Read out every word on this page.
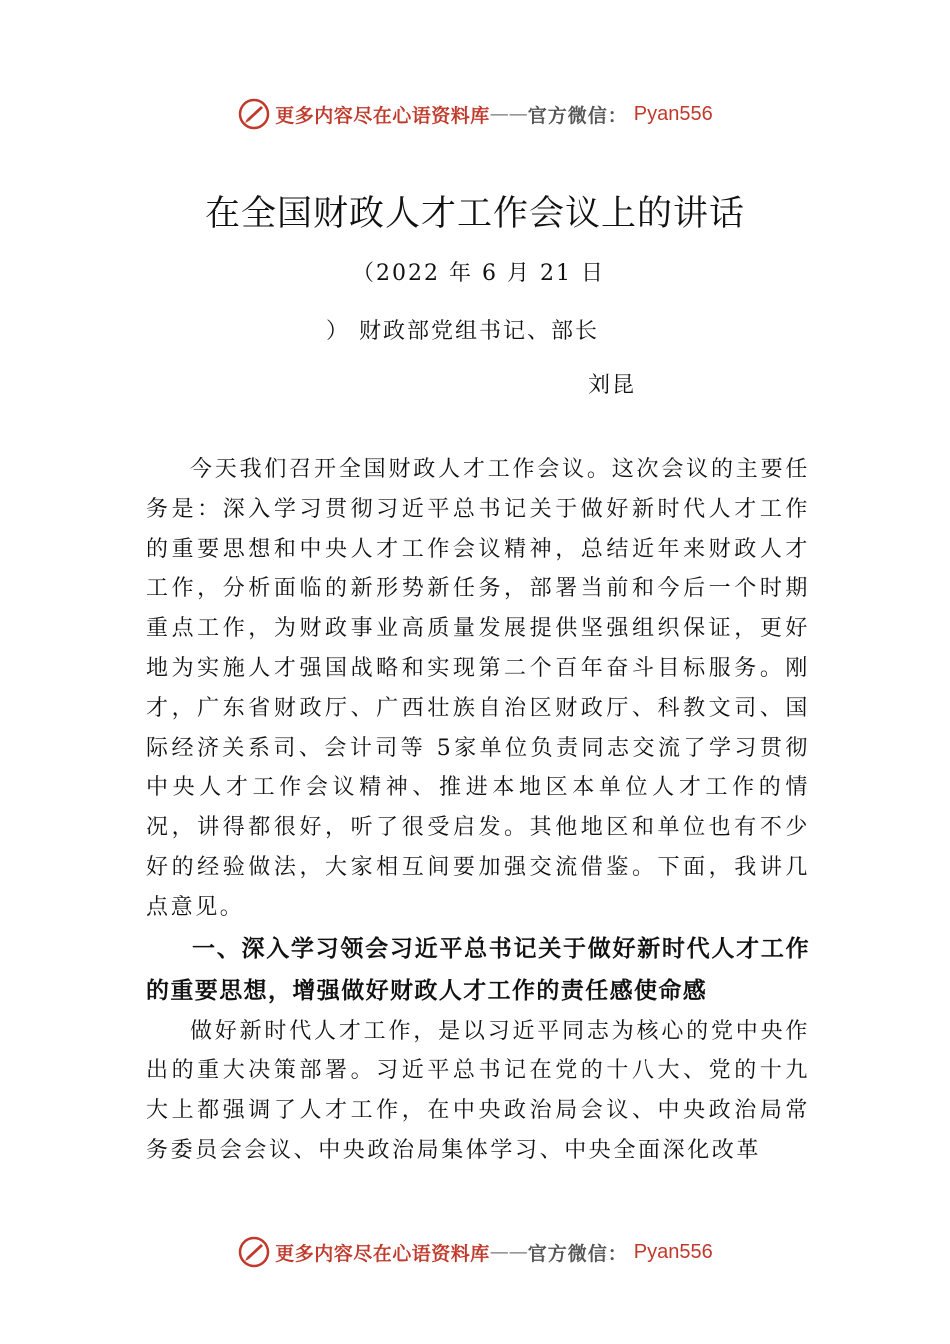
更多内容尽在心语资料库 —— 官方微信： Pyan556
在全国财政人才工作会议上的讲话
（2022 年 6 月 21 日
） 财政部党组书记、部长
刘昆

今天我们召开全国财政人才工作会议。这次会议的主要任务是：深入学习贯彻习近平总书记关于做好新时代人才工作的重要思想和中央人才工作会议精神，总结近年来财政人才工作，分析面临的新形势新任务，部署当前和今后一个时期重点工作，为财政事业高质量发展提供坚强组织保证，更好地为实施人才强国战略和实现第二个百年奋斗目标服务。刚才，广东省财政厅、广西壮族自治区财政厅、科教文司、国际经济关系司、会计司等 5家单位负责同志交流了学习贯彻中央人才工作会议精神、推进本地区本单位人才工作的情况，讲得都很好，听了很受启发。其他地区和单位也有不少好的经验做法，大家相互间要加强交流借鉴。下面，我讲几点意见。

一、深入学习领会习近平总书记关于做好新时代人才工作的重要思想，增强做好财政人才工作的责任感使命感

做好新时代人才工作，是以习近平同志为核心的党中央作出的重大决策部署。习近平总书记在党的十八大、党的十九大上都强调了人才工作，在中央政治局会议、中央政治局常务委员会会议、中央政治局集体学习、中央全面深化改革

更多内容尽在心语资料库 —— 官方微信： Pyan556
